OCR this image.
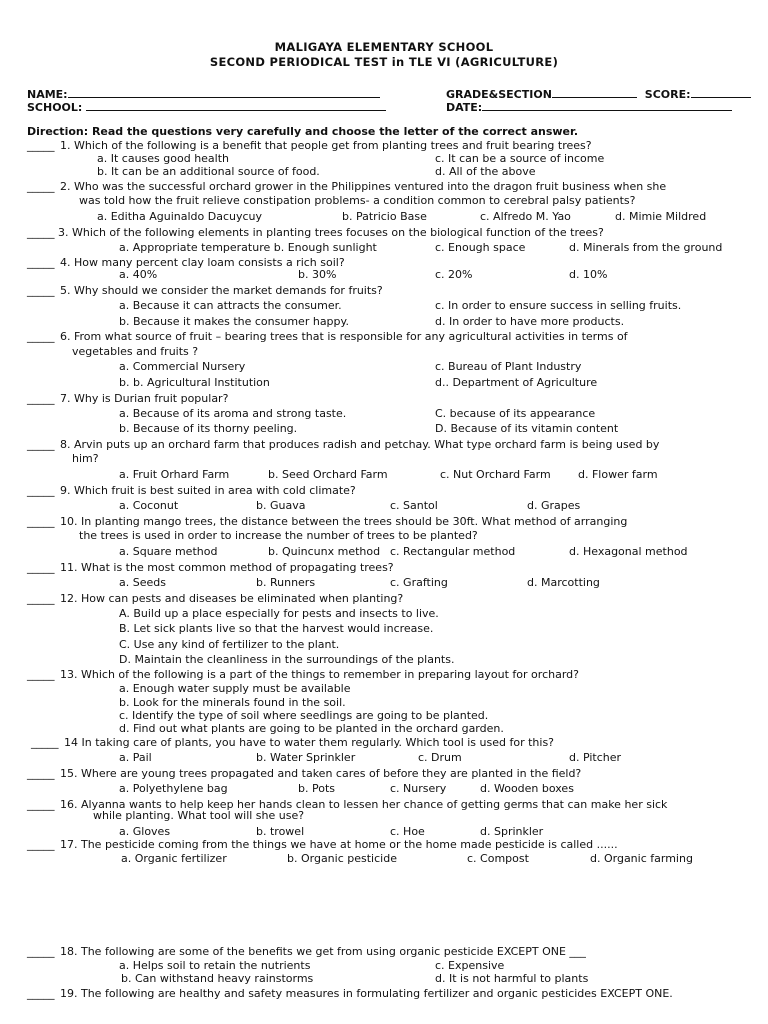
MALIGAYA ELEMENTARY SCHOOL
SECOND PERIODICAL TEST in TLE VI (AGRICULTURE)
NAME:
SCHOOL:
GRADE&SECTION	SCORE:
DATE:
Direction: Read the questions very carefully and choose the letter of the correct answer.
_____ 1. Which of the following is a benefit that people get from planting trees and fruit bearing trees?
a. It causes good health	c. It can be a source of income
b. It can be an additional source of food.	d. All of the above
_____ 2. Who was the successful orchard grower in the Philippines ventured into the dragon fruit business when she
was told how the fruit relieve constipation problems- a condition common to cerebral palsy patients?
a. Editha Aguinaldo Dacuycuy	b. Patricio Base	c. Alfredo M. Yao	d. Mimie Mildred
_____ 3. Which of the following elements in planting trees focuses on the biological function of the trees?
a. Appropriate temperature b. Enough sunlight	c. Enough space	d. Minerals from the ground
_____ 4. How many percent clay loam consists a rich soil?
a. 40%	b. 30%	c. 20%	d. 10%
_____ 5. Why should we consider the market demands for fruits?
a. Because it can attracts the consumer.	c. In order to ensure success in selling fruits.
b. Because it makes the consumer happy.	d. In order to have more products.
_____ 6. From what source of fruit – bearing trees that is responsible for any agricultural activities in terms of
vegetables and fruits ?
a. Commercial Nursery	c. Bureau of Plant Industry
b. b. Agricultural Institution	d.. Department of Agriculture
_____ 7. Why is Durian fruit popular?
a. Because of its aroma and strong taste.	C. because of its appearance
b. Because of its thorny peeling.	D. Because of its vitamin content
_____ 8. Arvin puts up an orchard farm that produces radish and petchay. What type orchard farm is being used by
him?
a. Fruit Orhard Farm	b. Seed Orchard Farm	c. Nut Orchard Farm d. Flower farm
_____ 9. Which fruit is best suited in area with cold climate?
a. Coconut	b. Guava	c. Santol	d. Grapes
_____ 10. In planting mango trees, the distance between the trees should be 30ft. What method of arranging
the trees is used in order to increase the number of trees to be planted?
a. Square method	b. Quincunx method c. Rectangular method	d. Hexagonal method
_____ 11. What is the most common method of propagating trees?
a. Seeds	b. Runners	c. Grafting	d. Marcotting
_____ 12. How can pests and diseases be eliminated when planting?
A. Build up a place especially for pests and insects to live.
B. Let sick plants live so that the harvest would increase.
C. Use any kind of fertilizer to the plant.
D. Maintain the cleanliness in the surroundings of the plants.
_____ 13. Which of the following is a part of the things to remember in preparing layout for orchard?
a. Enough water supply must be available
b. Look for the minerals found in the soil.
c. Identify the type of soil where seedlings are going to be planted.
d. Find out what plants are going to be planted in the orchard garden.
_____ 14 In taking care of plants, you have to water them regularly. Which tool is used for this?
a. Pail	b. Water Sprinkler	c. Drum	d. Pitcher
_____ 15. Where are young trees propagated and taken cares of before they are planted in the field?
a. Polyethylene bag	b. Pots	c. Nursery	d. Wooden boxes
_____ 16. Alyanna wants to help keep her hands clean to lessen her chance of getting germs that can make her sick
while planting. What tool will she use?
a. Gloves	b. trowel	c. Hoe	d. Sprinkler
_____ 17. The pesticide coming from the things we have at home or the home made pesticide is called ......
a. Organic fertilizer	b. Organic pesticide	c. Compost	d. Organic farming
_____ 18. The following are some of the benefits we get from using organic pesticide EXCEPT ONE ___
a. Helps soil to retain the nutrients	c. Expensive
b. Can withstand heavy rainstorms	d. It is not harmful to plants
_____ 19. The following are healthy and safety measures in formulating fertilizer and organic pesticides EXCEPT ONE.
